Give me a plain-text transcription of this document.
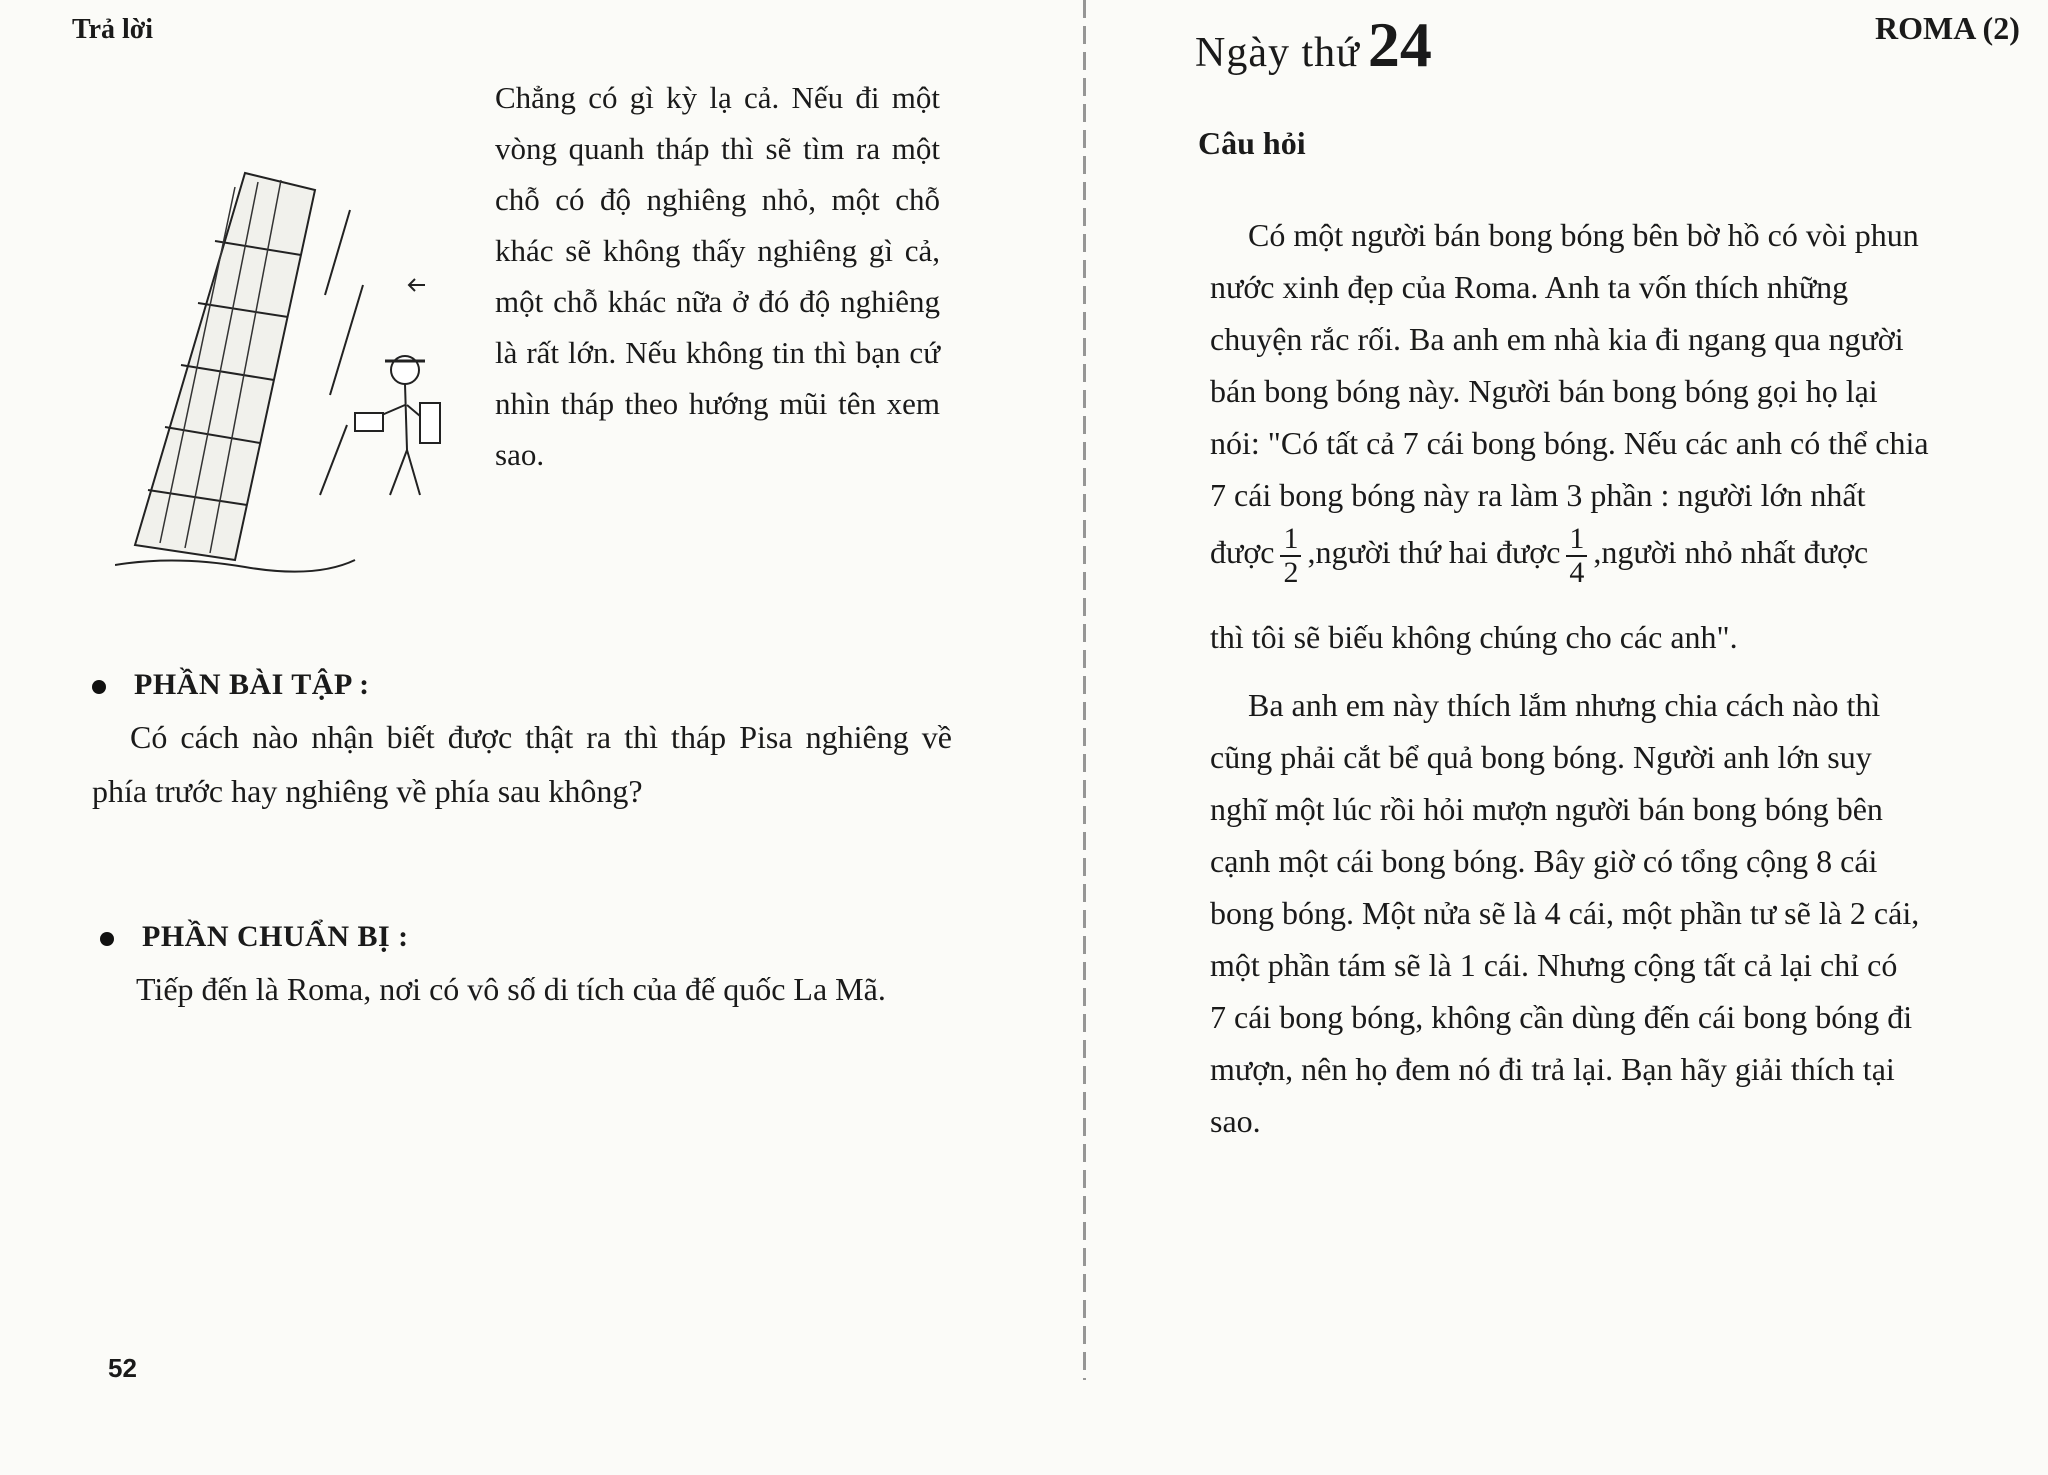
Trả lời

Chẳng có gì kỳ lạ cả. Nếu đi một vòng quanh tháp thì sẽ tìm ra một chỗ có độ nghiêng nhỏ, một chỗ khác sẽ không thấy nghiêng gì cả, một chỗ khác nữa ở đó độ nghiêng là rất lớn. Nếu không tin thì bạn cứ nhìn tháp theo hướng mũi tên xem sao.

PHẦN BÀI TẬP :

Có cách nào nhận biết được thật ra thì tháp Pisa nghiêng về phía trước hay nghiêng về phía sau không?

PHẦN CHUẨN BỊ :

Tiếp đến là Roma, nơi có vô số di tích của đế quốc La Mã.

52
Ngày thứ 24	ROMA (2)
Câu hỏi

Có một người bán bong bóng bên bờ hồ có vòi phun

nước xinh đẹp của Roma. Anh ta vốn thích những

chuyện rắc rối. Ba anh em nhà kia đi ngang qua người

bán bong bóng này. Người bán bong bóng gọi họ lại

nói: "Có tất cả 7 cái bong bóng. Nếu các anh có thể chia

7 cái bong bóng này ra làm 3 phần : người lớn nhất

được $\frac{1}{2}$ ,người thứ hai được $\frac{1}{4}$ ,người nhỏ nhất được

thì tôi sẽ biếu không chúng cho các anh".

Ba anh em này thích lắm nhưng chia cách nào thì

cũng phải cắt bể quả bong bóng. Người anh lớn suy

nghĩ một lúc rồi hỏi mượn người bán bong bóng bên

cạnh một cái bong bóng. Bây giờ có tổng cộng 8 cái

bong bóng. Một nửa sẽ là 4 cái, một phần tư sẽ là 2 cái,

một phần tám sẽ là 1 cái. Nhưng cộng tất cả lại chỉ có

7 cái bong bóng, không cần dùng đến cái bong bóng đi

mượn, nên họ đem nó đi trả lại. Bạn hãy giải thích tại

sao.
